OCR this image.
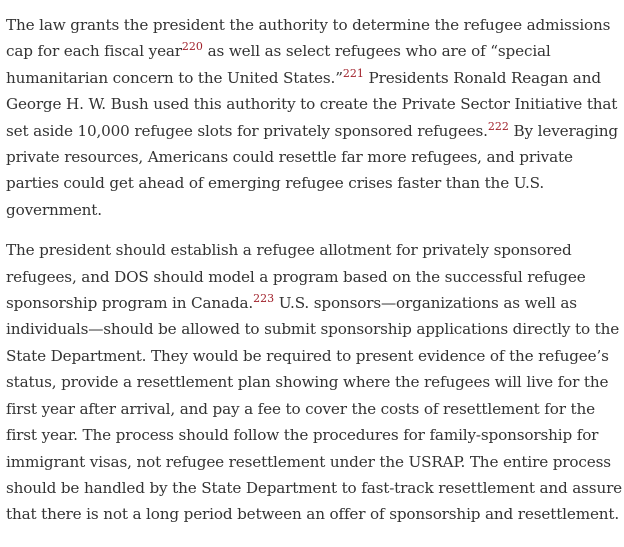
The law grants the president the authority to determine the refugee admissions
cap for each fiscal year$^{220}$ as well as select refugees who are of “special
humanitarian concern to the United States.”$^{221}$ Presidents Ronald Reagan and
George H. W. Bush used this authority to create the Private Sector Initiative that
set aside 10,000 refugee slots for privately sponsored refugees.$^{222}$ By leveraging
private resources, Americans could resettle far more refugees, and private
parties could get ahead of emerging refugee crises faster than the U.S.
government.

The president should establish a refugee allotment for privately sponsored
refugees, and DOS should model a program based on the successful refugee
sponsorship program in Canada.$^{223}$ U.S. sponsors—organizations as well as
individuals—should be allowed to submit sponsorship applications directly to the
State Department. They would be required to present evidence of the refugee’s
status, provide a resettlement plan showing where the refugees will live for the
first year after arrival, and pay a fee to cover the costs of resettlement for the
first year. The process should follow the procedures for family-sponsorship for
immigrant visas, not refugee resettlement under the USRAP. The entire process
should be handled by the State Department to fast-track resettlement and assure
that there is not a long period between an offer of sponsorship and resettlement.
